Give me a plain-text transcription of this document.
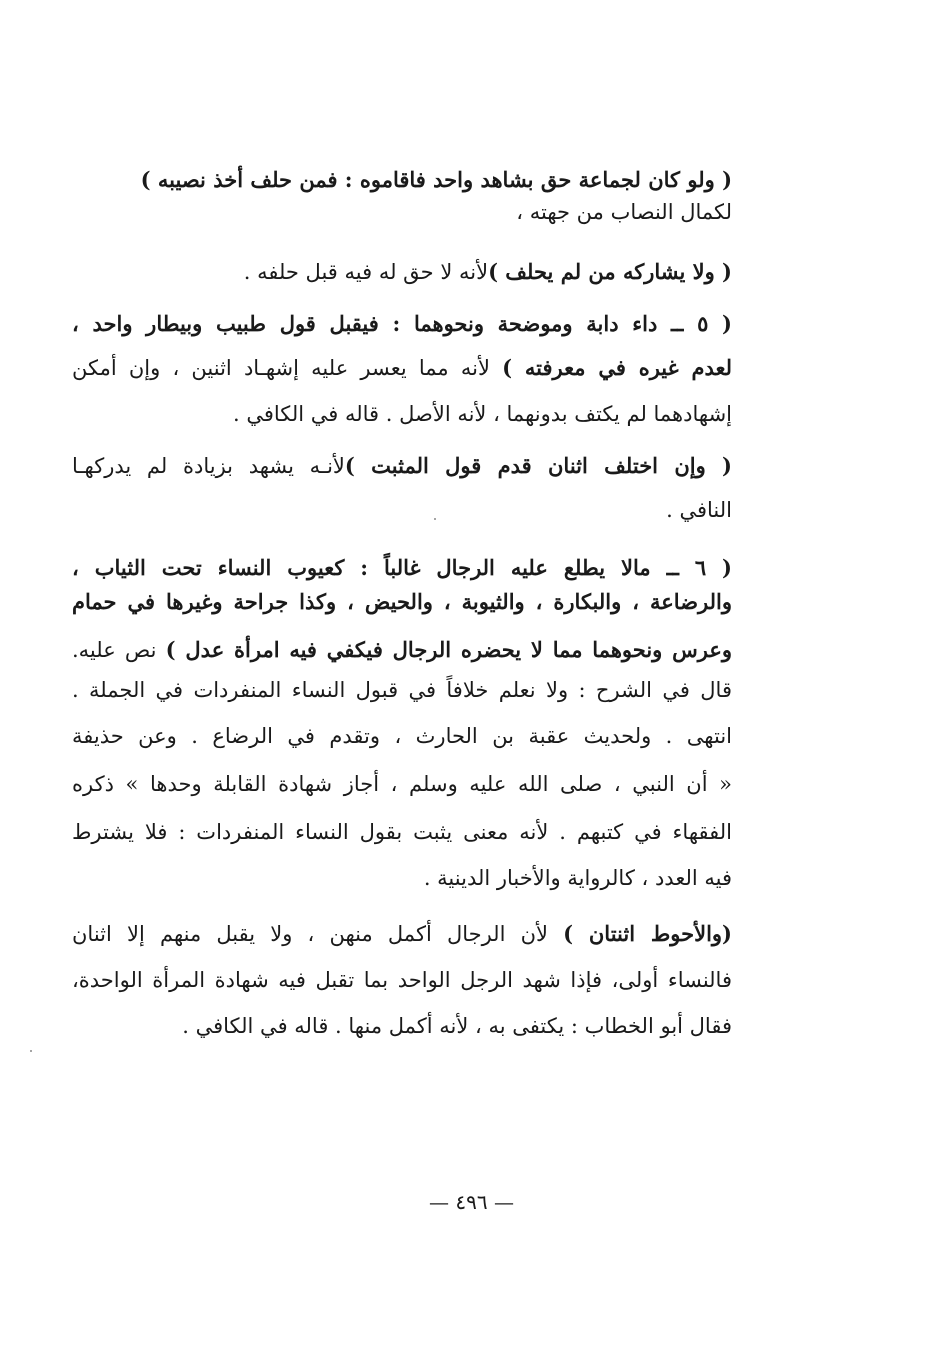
( ولو كان لجماعة حق بشاهد واحد فاقاموه : فمن حلف أخذ نصيبه )
لكمال النصاب من جهته ،
( ولا يشاركه من لم يحلف )لأنه لا حق له فيه قبل حلفه .
( ٥ ــ داء دابة وموضحة ونحوهما : فيقبل قول طبيب وبيطار واحد ،
لعدم غيره في معرفته ) لأنه مما يعسر عليه إشهـاد اثنين ، وإن أمكن
إشهادهما لم يكتف بدونهما ، لأنه الأصل . قاله في الكافي .
( وإن اختلف اثنان قدم قول المثبت )لأنـه يشهد بزيادة لم يدركهـا
النافي .
( ٦ ــ مالا يطلع عليه الرجال غالباً : كعيوب النساء تحت الثياب ،
والرضاعة ، والبكارة ، والثيوبة ، والحيض ، وكذا جراحة وغيرها في حمام
وعرس ونحوهما مما لا يحضره الرجال فيكفي فيه امرأة عدل ) نص عليه.
قال في الشرح : ولا نعلم خلافاً في قبول النساء المنفردات في الجملة .
انتهى . ولحديث عقبة بن الحارث ، وتقدم في الرضاع . وعن حذيفة
« أن النبي ، صلى الله عليه وسلم ، أجاز شهادة القابلة وحدها » ذكره
الفقهاء في كتبهم . لأنه معنى يثبت بقول النساء المنفردات : فلا يشترط
فيه العدد ، كالرواية والأخبار الدينية .
(والأحوط اثنتان ) لأن الرجال أكمل منهن ، ولا يقبل منهم إلا اثنان
فالنساء أولى، فإذا شهد الرجل الواحد بما تقبل فيه شهادة المرأة الواحدة،
فقال أبو الخطاب : يكتفى به ، لأنه أكمل منها . قاله في الكافي .
— ٤٩٦ —
